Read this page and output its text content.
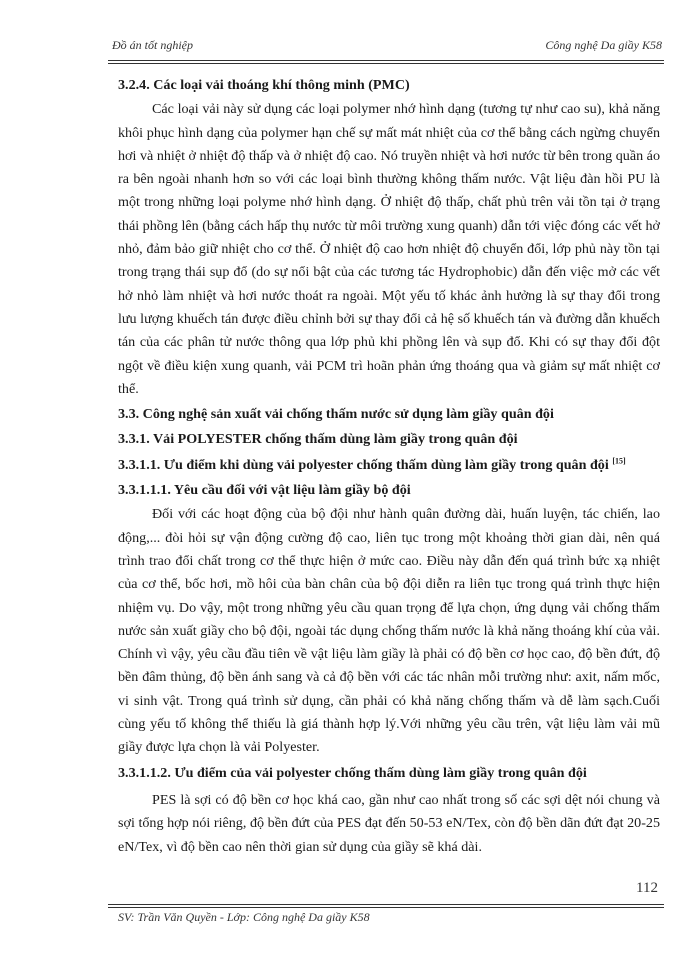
Đồ án tốt nghiệp	Công nghệ Da giầy K58

3.2.4. Các loại vải thoáng khí thông minh (PMC)

Các loại vải này sử dụng các loại polymer nhớ hình dạng (tương tự như cao su), khả năng khôi phục hình dạng của polymer hạn chế sự mất mát nhiệt của cơ thể bằng cách ngừng chuyển hơi và nhiệt ở nhiệt độ thấp và ở nhiệt độ cao. Nó truyền nhiệt và hơi nước từ bên trong quần áo ra bên ngoài nhanh hơn so với các loại bình thường không thấm nước. Vật liệu đàn hồi PU là một trong những loại polyme nhớ hình dạng. Ở nhiệt độ thấp, chất phủ trên vải tồn tại ở trạng thái phồng lên (bằng cách hấp thụ nước từ môi trường xung quanh) dẫn tới việc đóng các vết hở nhỏ, đảm bảo giữ nhiệt cho cơ thể. Ở nhiệt độ cao hơn nhiệt độ chuyển đổi, lớp phủ này tồn tại trong trạng thái sụp đổ (do sự nổi bật của các tương tác Hydrophobic) dẫn đến việc mở các vết hở nhỏ làm nhiệt và hơi nước thoát ra ngoài. Một yếu tố khác ảnh hưởng là sự thay đổi trong lưu lượng khuếch tán được điều chỉnh bởi sự thay đổi cả hệ số khuếch tán và đường dẫn khuếch tán của các phân tử nước thông qua lớp phủ khi phồng lên và sụp đổ. Khi có sự thay đổi đột ngột về điều kiện xung quanh, vải PCM trì hoãn phản ứng thoáng qua và giảm sự mất nhiệt cơ thể.

3.3. Công nghệ sản xuất vải chống thấm nước sử dụng làm giầy quân đội

3.3.1. Vải POLYESTER chống thấm dùng làm giầy trong quân đội

3.3.1.1. Ưu điểm khi dùng vải polyester chống thấm dùng làm giầy trong quân đội [15]

3.3.1.1.1. Yêu cầu đối với vật liệu làm giầy bộ đội

Đối với các hoạt động của bộ đội như hành quân đường dài, huấn luyện, tác chiến, lao động,... đòi hỏi sự vận động cường độ cao, liên tục trong một khoảng thời gian dài, nên quá trình trao đổi chất trong cơ thể thực hiện ở mức cao. Điều này dẫn đến quá trình bức xạ nhiệt của cơ thể, bốc hơi, mồ hôi của bàn chân của bộ đội diễn ra liên tục trong quá trình thực hiện nhiệm vụ. Do vậy, một trong những yêu cầu quan trọng để lựa chọn, ứng dụng vải chống thấm nước sản xuất giầy cho bộ đội, ngoài tác dụng chống thấm nước là khả năng thoáng khí của vải. Chính vì vậy, yêu cầu đầu tiên về vật liệu làm giầy là phải có độ bền cơ học cao, độ bền đứt, độ bền đâm thủng, độ bền ánh sang và cả độ bền với các tác nhân mỗi trường như: axit, nấm mốc, vi sinh vật. Trong quá trình sử dụng, cần phải có khả năng chống thấm và dễ làm sạch.Cuối cùng yếu tố không thể thiếu là giá thành hợp lý.Với những yêu cầu trên, vật liệu làm vải mũ giầy được lựa chọn là vải Polyester.

3.3.1.1.2. Ưu điểm của vải polyester chống thấm dùng làm giầy trong quân đội

PES là sợi có độ bền cơ học khá cao, gần như cao nhất trong số các sợi dệt nói chung và sợi tổng hợp nói riêng, độ bền đứt của PES đạt đến 50-53 eN/Tex, còn độ bền dãn đứt đạt 20-25 eN/Tex, vì độ bền cao nên thời gian sử dụng của giầy sẽ khá dài.

112
SV: Trần Văn Quyền - Lớp: Công nghệ Da giầy K58
